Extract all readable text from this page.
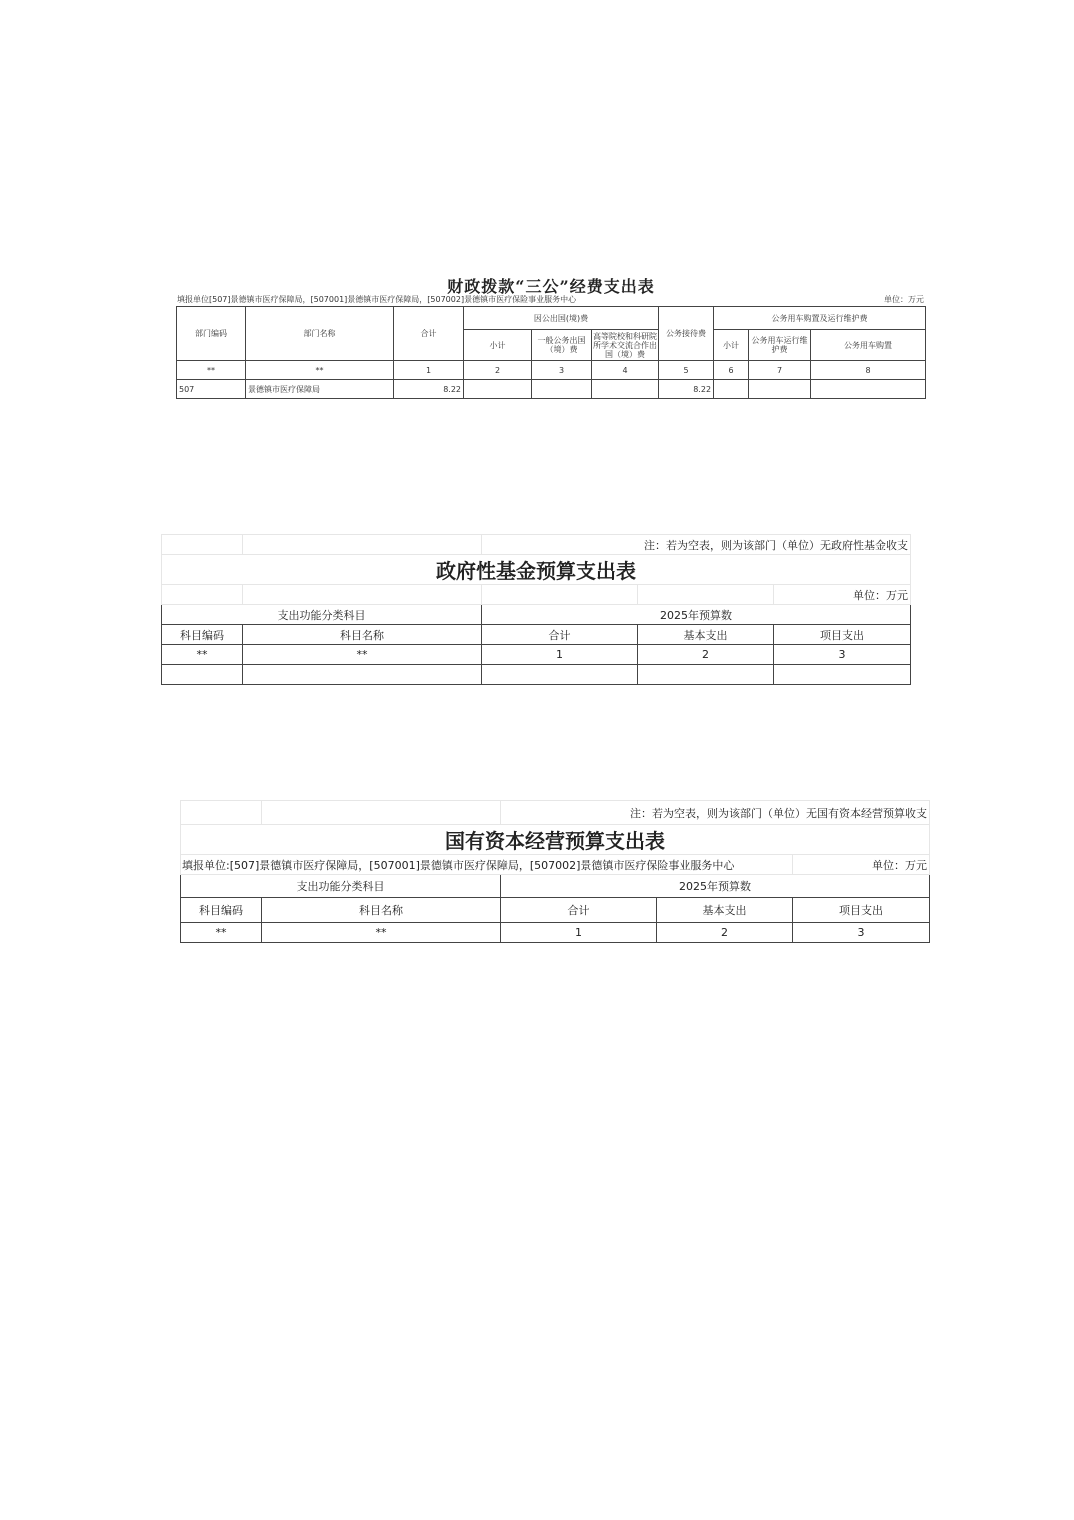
财政拨款“三公”经费支出表
填报单位[507]景德镇市医疗保障局，[507001]景德镇市医疗保障局，[507002]景德镇市医疗保险事业服务中心	单位：万元
部门编码	部门名称	合计	因公出国(境)费			公务接待费	公务用车购置及运行维护费		
			小计	一般公务出国（境）费	高等院校和科研院所学术交流合作出国（境）费		小计	公务用车运行维护费	公务用车购置
**	**	1	2	3	4	5	6	7	8
507	景德镇市医疗保障局	8.22				8.22			
		注：若为空表，则为该部门（单位）无政府性基金收支		
政府性基金预算支出表				
				单位：万元
支出功能分类科目		2025年预算数		
科目编码	科目名称	合计	基本支出	项目支出
**	**	1	2	3

		注：若为空表，则为该部门（单位）无国有资本经营预算收支		
国有资本经营预算支出表				
填报单位:[507]景德镇市医疗保障局，[507001]景德镇市医疗保障局，[507002]景德镇市医疗保险事业服务中心				单位：万元
支出功能分类科目		2025年预算数		
科目编码	科目名称	合计	基本支出	项目支出
**	**	1	2	3
